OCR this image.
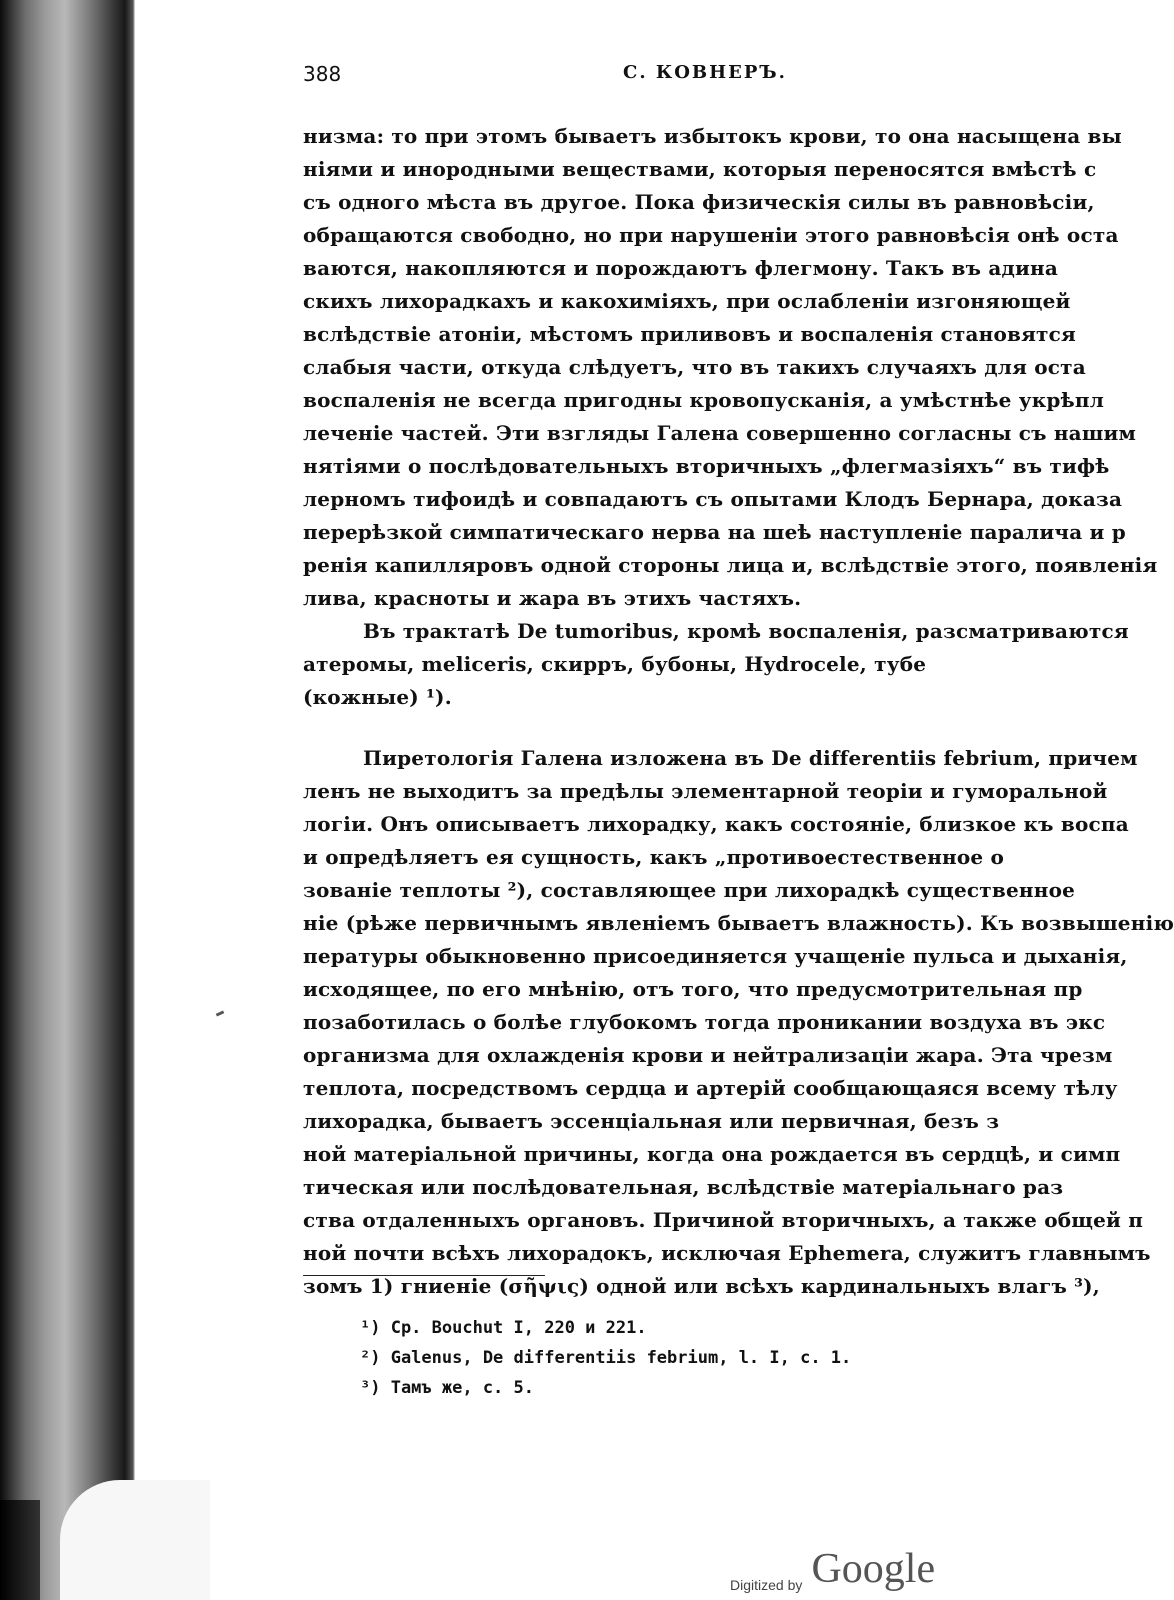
388	С. КОВНЕРЪ.
низма: то при этомъ бываетъ избытокъ крови, то она насыщена вы
ніями и инородными веществами, которыя переносятся вмѣстѣ с
съ одного мѣста въ другое. Пока физическія силы въ равновѣсіи,
обращаются свободно, но при нарушеніи этого равновѣсія онѣ оста
ваются, накопляются и порождаютъ флегмону. Такъ въ адина
скихъ лихорадкахъ и какохиміяхъ, при ослабленіи изгоняющей
вслѣдствіе атоніи, мѣстомъ приливовъ и воспаленія становятся
слабыя части, откуда слѣдуетъ, что въ такихъ случаяхъ для оста
воспаленія не всегда пригодны кровопусканія, а умѣстнѣе укрѣпл
леченіе частей. Эти взгляды Галена совершенно согласны съ нашим
нятіями о послѣдовательныхъ вторичныхъ „флегмазіяхъ“ въ тифѣ
лерномъ тифоидѣ и совпадаютъ съ опытами Клодъ Бернара, доказа
перерѣзкой симпатическаго нерва на шеѣ наступленіе паралича и р
ренія капилляровъ одной стороны лица и, вслѣдствіе этого, появленія
лива, красноты и жара въ этихъ частяхъ.
Въ трактатѣ De tumoribus, кромѣ воспаленія, разсматриваются
атеромы, meliceris, скирръ, бубоны, Hydrocele, тубе
(кожные) ¹).
Пиретологія Галена изложена въ De differentiis febrium, причем
ленъ не выходитъ за предѣлы элементарной теоріи и гуморальной
логіи. Онъ описываетъ лихорадку, какъ состояніе, близкое къ воспа
и опредѣляетъ ея сущность, какъ „противоестественное о
зованіе теплоты ²), составляющее при лихорадкѣ существенное
ніе (рѣже первичнымъ явленіемъ бываетъ влажность). Къ возвышенію
пературы обыкновенно присоединяется учащеніе пульса и дыханія,
исходящее, по его мнѣнію, отъ того, что предусмотрительная пр
позаботилась о болѣе глубокомъ тогда проникании воздуха въ экс
организма для охлажденія крови и нейтрализаціи жара. Эта чрезм
теплота, посредствомъ сердца и артерій сообщающаяся всему тѣлу
лихорадка, бываетъ эссенціальная или первичная, безъ з
ной матеріальной причины, когда она рождается въ сердцѣ, и симп
тическая или послѣдовательная, вслѣдствіе матеріальнаго раз
ства отдаленныхъ органовъ. Причиной вторичныхъ, а также общей п
ной почти всѣхъ лихорадокъ, исключая Ephemera, служитъ главнымъ
зомъ 1) гниеніе (σῆψις) одной или всѣхъ кардинальныхъ влагъ ³),
¹) Ср. Bouchut I, 220 и 221.
²) Galenus, De differentiis febrium, l. I, c. 1.
³) Тамъ же, с. 5.
Digitized by Google
